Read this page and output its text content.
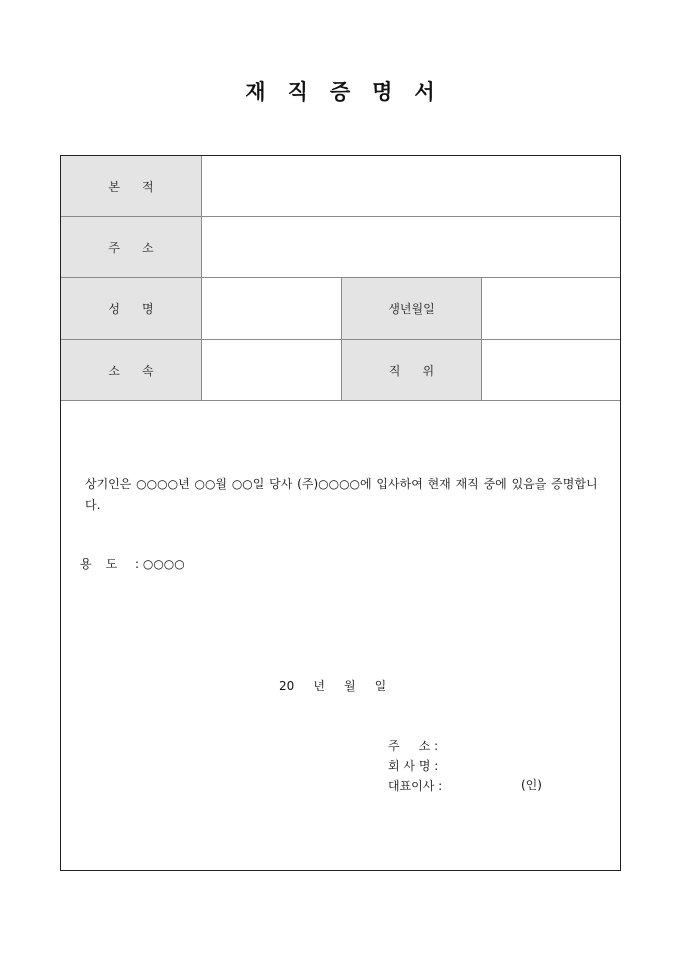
재직증명서
본적
주소
성명	생년월일
소속	직위
상기인은 ○○○○년 ○○월 ○○일 당사 (주)○○○○에 입사하여 현재 재직 중에 있음을 증명합니다.
용도 : ○○○○
20     년     월     일
주     소 :
회 사 명 :
대표이사 :	(인)
